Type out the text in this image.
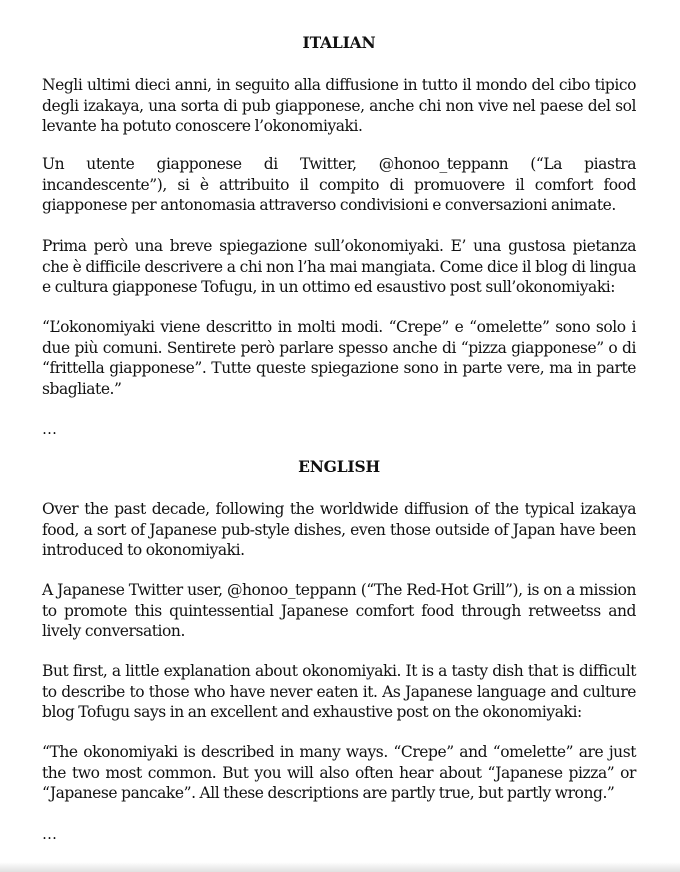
ITALIAN

Negli ultimi dieci anni, in seguito alla diffusione in tutto il mondo del cibo tipico degli izakaya, una sorta di pub giapponese, anche chi non vive nel paese del sol levante ha potuto conoscere l’okonomiyaki.

Un utente giapponese di Twitter, @honoo_teppann (“La piastra incandescente”), si è attribuito il compito di promuovere il comfort food giapponese per antonomasia attraverso condivisioni e conversazioni animate.

Prima però una breve spiegazione sull’okonomiyaki. E’ una gustosa pietanza che è difficile descrivere a chi non l’ha mai mangiata. Come dice il blog di lingua e cultura giapponese Tofugu, in un ottimo ed esaustivo post sull’okonomiyaki:

“L’okonomiyaki viene descritto in molti modi. “Crepe” e “omelette” sono solo i due più comuni. Sentirete però parlare spesso anche di “pizza giapponese” o di “frittella giapponese”. Tutte queste spiegazione sono in parte vere, ma in parte sbagliate.”

…
ENGLISH

Over the past decade, following the worldwide diffusion of the typical izakaya food, a sort of Japanese pub-style dishes, even those outside of Japan have been introduced to okonomiyaki.

A Japanese Twitter user, @honoo_teppann (“The Red-Hot Grill”), is on a mission to promote this quintessential Japanese comfort food through retweetss and lively conversation.

But first, a little explanation about okonomiyaki. It is a tasty dish that is difficult to describe to those who have never eaten it. As Japanese language and culture blog Tofugu says in an excellent and exhaustive post on the okonomiyaki:

“The okonomiyaki is described in many ways. “Crepe” and “omelette” are just the two most common. But you will also often hear about “Japanese pizza” or “Japanese pancake”. All these descriptions are partly true, but partly wrong.”

…
